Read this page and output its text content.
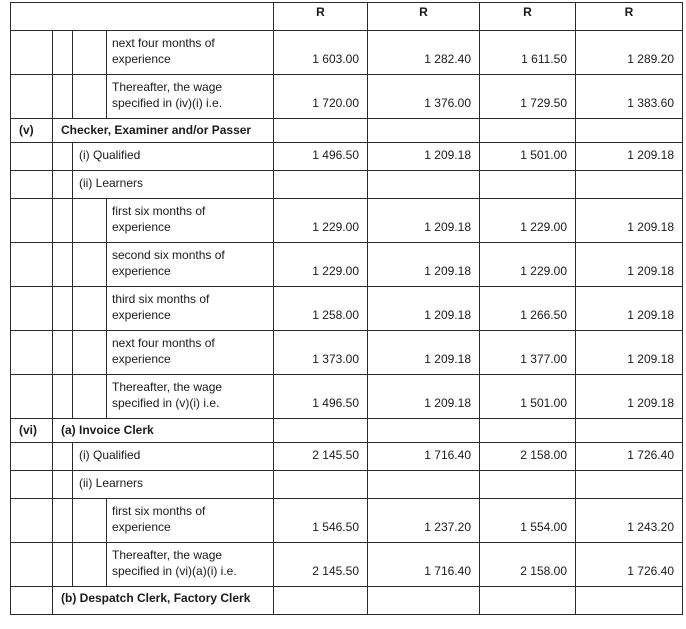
R	R	R	R
next four months of
experience	1 603.00	1 282.40	1 611.50	1 289.20
Thereafter, the wage
specified in (iv)(i) i.e.	1 720.00	1 376.00	1 729.50	1 383.60
(v)	Checker, Examiner and/or Passer
(i) Qualified	1 496.50	1 209.18	1 501.00	1 209.18
(ii) Learners
first six months of
experience	1 229.00	1 209.18	1 229.00	1 209.18
second six months of
experience	1 229.00	1 209.18	1 229.00	1 209.18
third six months of
experience	1 258.00	1 209.18	1 266.50	1 209.18
next four months of
experience	1 373.00	1 209.18	1 377.00	1 209.18
Thereafter, the wage
specified in (v)(i) i.e.	1 496.50	1 209.18	1 501.00	1 209.18
(vi)	(a) Invoice Clerk
(i) Qualified	2 145.50	1 716.40	2 158.00	1 726.40
(ii) Learners
first six months of
experience	1 546.50	1 237.20	1 554.00	1 243.20
Thereafter, the wage
specified in (vi)(a)(i) i.e.	2 145.50	1 716.40	2 158.00	1 726.40
(b) Despatch Clerk, Factory Clerk
